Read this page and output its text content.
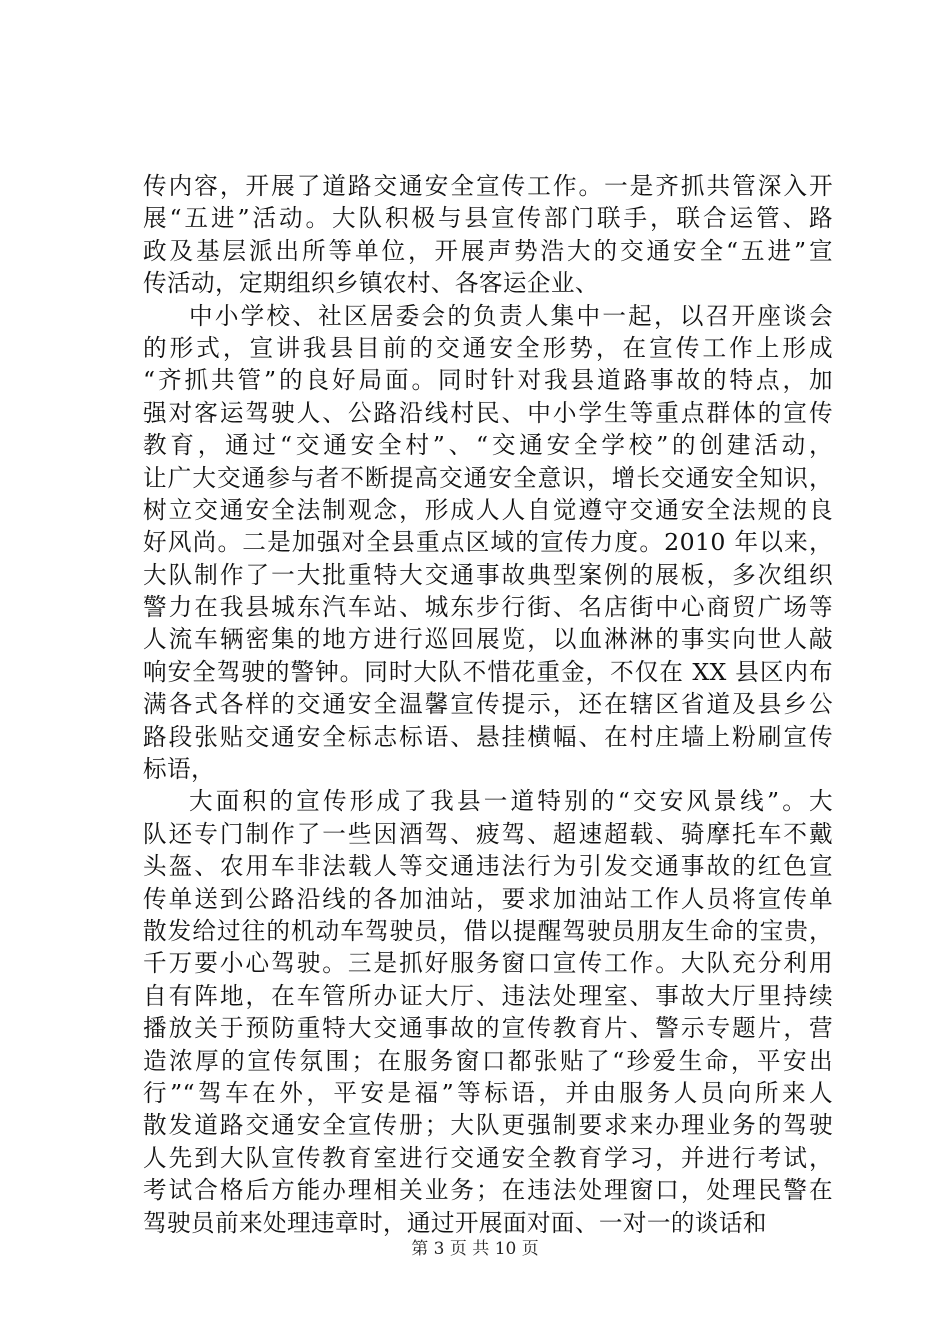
传内容，开展了道路交通安全宣传工作。一是齐抓共管深入开
展“五进”活动。大队积极与县宣传部门联手，联合运管、路
政及基层派出所等单位，开展声势浩大的交通安全“五进”宣
传活动，定期组织乡镇农村、各客运企业、
中小学校、社区居委会的负责人集中一起，以召开座谈会
的形式，宣讲我县目前的交通安全形势，在宣传工作上形成
“齐抓共管”的良好局面。同时针对我县道路事故的特点，加
强对客运驾驶人、公路沿线村民、中小学生等重点群体的宣传
教育，通过“交通安全村”、“交通安全学校”的创建活动，
让广大交通参与者不断提高交通安全意识，增长交通安全知识，
树立交通安全法制观念，形成人人自觉遵守交通安全法规的良
好风尚。二是加强对全县重点区域的宣传力度。2010 年以来，
大队制作了一大批重特大交通事故典型案例的展板，多次组织
警力在我县城东汽车站、城东步行街、名店街中心商贸广场等
人流车辆密集的地方进行巡回展览，以血淋淋的事实向世人敲
响安全驾驶的警钟。同时大队不惜花重金，不仅在 XX 县区内布
满各式各样的交通安全温馨宣传提示，还在辖区省道及县乡公
路段张贴交通安全标志标语、悬挂横幅、在村庄墙上粉刷宣传
标语，
大面积的宣传形成了我县一道特别的“交安风景线”。大
队还专门制作了一些因酒驾、疲驾、超速超载、骑摩托车不戴
头盔、农用车非法载人等交通违法行为引发交通事故的红色宣
传单送到公路沿线的各加油站，要求加油站工作人员将宣传单
散发给过往的机动车驾驶员，借以提醒驾驶员朋友生命的宝贵，
千万要小心驾驶。三是抓好服务窗口宣传工作。大队充分利用
自有阵地，在车管所办证大厅、违法处理室、事故大厅里持续
播放关于预防重特大交通事故的宣传教育片、警示专题片，营
造浓厚的宣传氛围；在服务窗口都张贴了“珍爱生命，平安出
行”“驾车在外，平安是福”等标语，并由服务人员向所来人
散发道路交通安全宣传册；大队更强制要求来办理业务的驾驶
人先到大队宣传教育室进行交通安全教育学习，并进行考试，
考试合格后方能办理相关业务；在违法处理窗口，处理民警在
驾驶员前来处理违章时，通过开展面对面、一对一的谈话和
第 3 页 共 10 页
